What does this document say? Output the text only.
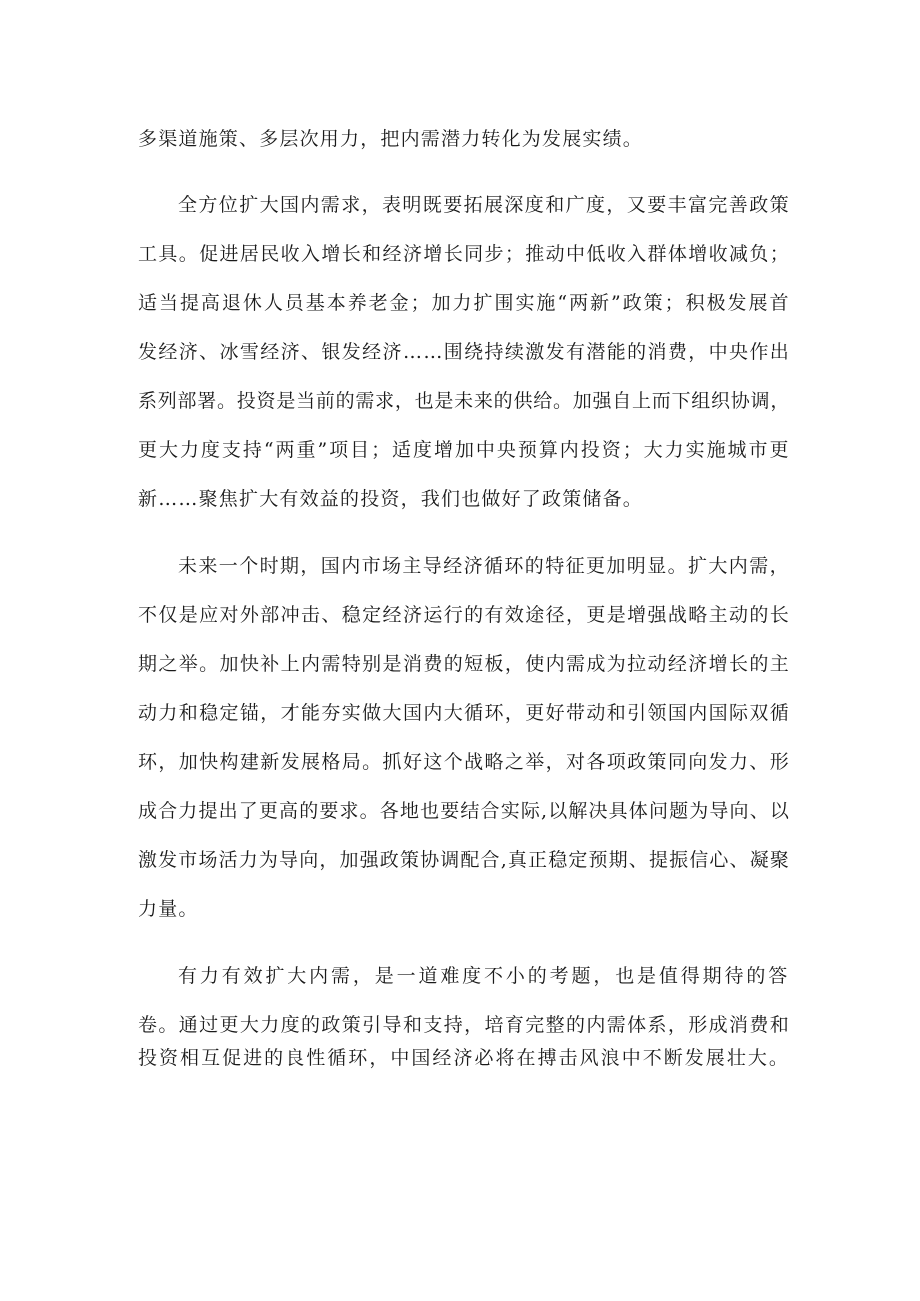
多渠道施策、多层次用力，把内需潜力转化为发展实绩。
全方位扩大国内需求，表明既要拓展深度和广度，又要丰富完善政策
工具。促进居民收入增长和经济增长同步；推动中低收入群体增收减负；
适当提高退休人员基本养老金；加力扩围实施“两新”政策；积极发展首
发经济、冰雪经济、银发经济……围绕持续激发有潜能的消费，中央作出
系列部署。投资是当前的需求，也是未来的供给。加强自上而下组织协调，
更大力度支持“两重”项目；适度增加中央预算内投资；大力实施城市更
新……聚焦扩大有效益的投资，我们也做好了政策储备。
未来一个时期，国内市场主导经济循环的特征更加明显。扩大内需，
不仅是应对外部冲击、稳定经济运行的有效途径，更是增强战略主动的长
期之举。加快补上内需特别是消费的短板，使内需成为拉动经济增长的主
动力和稳定锚，才能夯实做大国内大循环，更好带动和引领国内国际双循
环，加快构建新发展格局。抓好这个战略之举，对各项政策同向发力、形
成合力提出了更高的要求。各地也要结合实际,以解决具体问题为导向、以
激发市场活力为导向，加强政策协调配合,真正稳定预期、提振信心、凝聚
力量。
有力有效扩大内需，是一道难度不小的考题，也是值得期待的答
卷。通过更大力度的政策引导和支持，培育完整的内需体系，形成消费和
投资相互促进的良性循环，中国经济必将在搏击风浪中不断发展壮大。
